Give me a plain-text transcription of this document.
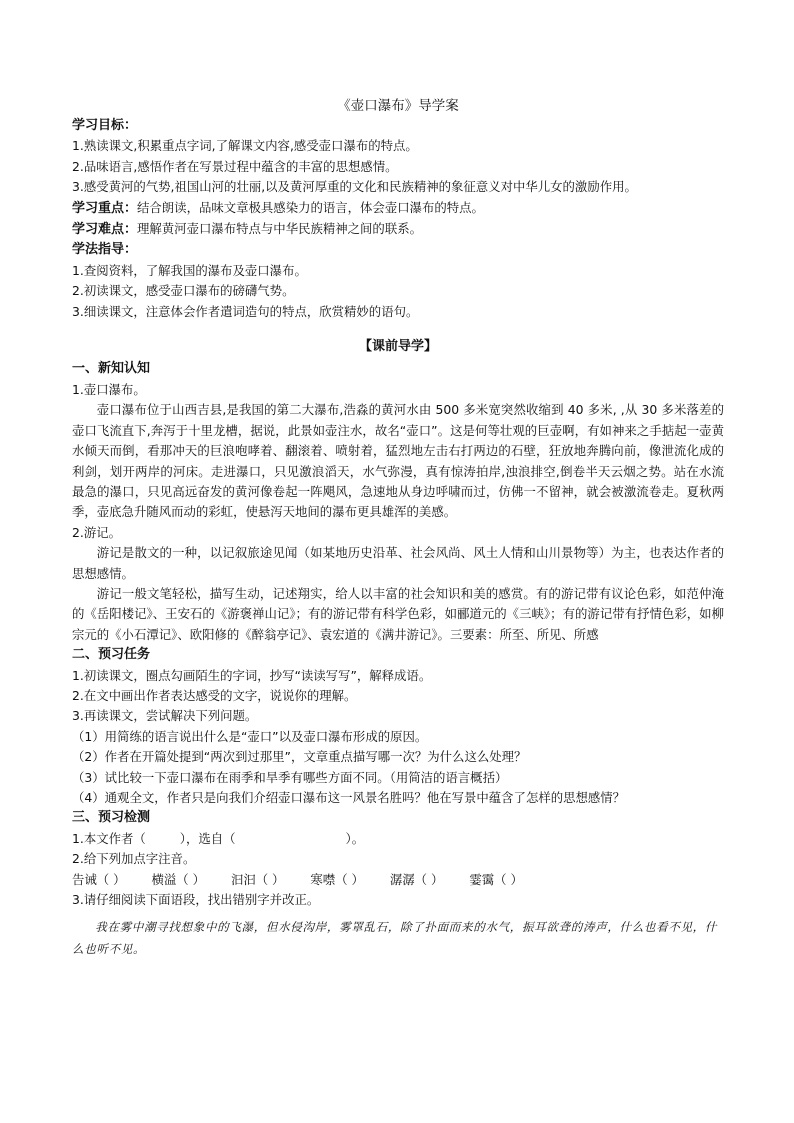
《壶口瀑布》导学案
学习目标：
1.熟读课文,积累重点字词,了解课文内容,感受壶口瀑布的特点。
2.品味语言,感悟作者在写景过程中蕴含的丰富的思想感情。
3.感受黄河的气势,祖国山河的壮丽,以及黄河厚重的文化和民族精神的象征意义对中华儿女的激励作用。
学习重点：结合朗读，品味文章极具感染力的语言，体会壶口瀑布的特点。
学习难点：理解黄河壶口瀑布特点与中华民族精神之间的联系。
学法指导：
1.查阅资料，了解我国的瀑布及壶口瀑布。
2.初读课文，感受壶口瀑布的磅礴气势。
3.细读课文，注意体会作者遣词造句的特点，欣赏精妙的语句。
【课前导学】
一、新知认知
1.壶口瀑布。
壶口瀑布位于山西吉县,是我国的第二大瀑布,浩淼的黄河水由 500 多米宽突然收缩到 40 多米, ,从 30 多米落差的壶口飞流直下,奔泻于十里龙槽，据说，此景如壶注水，故名“壶口”。这是何等壮观的巨壶啊，有如神来之手掂起一壶黄水倾天而倒，看那冲天的巨浪咆哮着、翻滚着、喷射着，猛烈地左击右打两边的石壁，狂放地奔腾向前，像泄流化成的利剑，划开两岸的河床。走进瀑口，只见激浪滔天，水气弥漫，真有惊涛拍岸,浊浪排空,倒卷半天云烟之势。站在水流最急的瀑口，只见高远奋发的黄河像卷起一阵飓风，急速地从身边呼啸而过，仿佛一不留神，就会被激流卷走。夏秋两季，壶底急升随风而动的彩虹，使悬泻天地间的瀑布更具雄浑的美感。
2.游记。
游记是散文的一种，以记叙旅途见闻（如某地历史沿革、社会风尚、风土人情和山川景物等）为主，也表达作者的思想感情。
游记一般文笔轻松，描写生动，记述翔实，给人以丰富的社会知识和美的感赏。有的游记带有议论色彩，如范仲淹的《岳阳楼记》、王安石的《游褒禅山记》；有的游记带有科学色彩，如郦道元的《三峡》；有的游记带有抒情色彩，如柳宗元的《小石潭记》、欧阳修的《醉翁亭记》、袁宏道的《满井游记》。三要素：所至、所见、所感
二、预习任务
1.初读课文，圈点勾画陌生的字词，抄写“读读写写”，解释成语。
2.在文中画出作者表达感受的文字，说说你的理解。
3.再读课文，尝试解决下列问题。
（1）用简练的语言说出什么是“壶口”以及壶口瀑布形成的原因。
（2）作者在开篇处提到“两次到过那里”，文章重点描写哪一次？为什么这么处理？
（3）试比较一下壶口瀑布在雨季和旱季有哪些方面不同。（用简洁的语言概括）
（4）通观全文，作者只是向我们介绍壶口瀑布这一风景名胜吗？他在写景中蕴含了怎样的思想感情？
三、预习检测
1.本文作者（	），选自（	）。
2.给下列加点字注音。
告诫（ ） 横溢（ ） 汩汩（ ） 寒噤（ ） 潺潺（ ） 霎霭（ ）
3.请仔细阅读下面语段，找出错别字并改正。
我在雾中潮寻找想象中的飞瀑，但水侵沟岸，雾罩乱石，除了扑面而来的水气，振耳欲聋的涛声，什么也看不见，什么也听不见。
